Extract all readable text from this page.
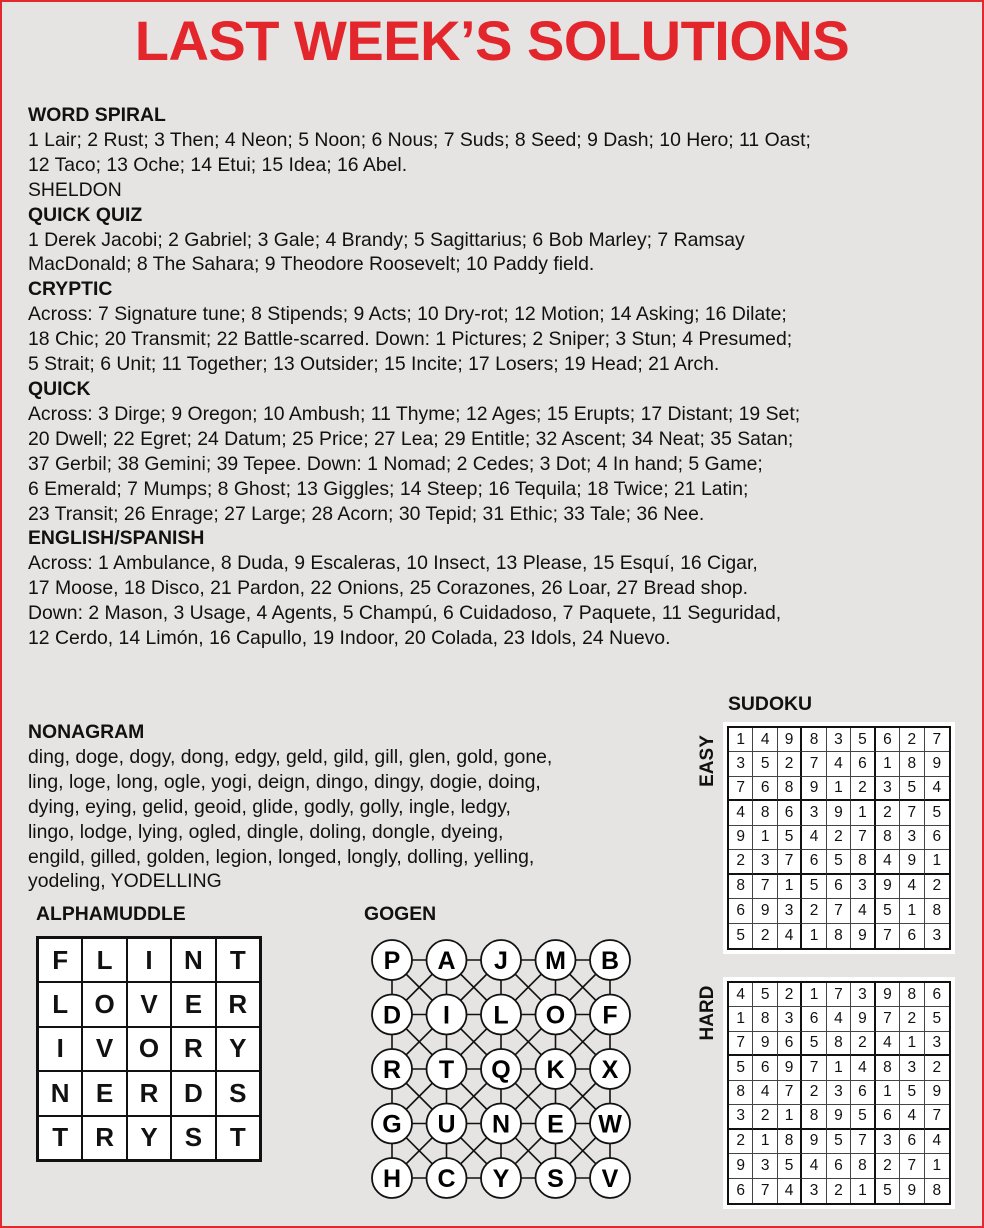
LAST WEEK’S SOLUTIONS
WORD SPIRAL
1 Lair; 2 Rust; 3 Then; 4 Neon; 5 Noon; 6 Nous; 7 Suds; 8 Seed; 9 Dash; 10 Hero; 11 Oast;
12 Taco; 13 Oche; 14 Etui; 15 Idea; 16 Abel.
SHELDON
QUICK QUIZ
1 Derek Jacobi; 2 Gabriel; 3 Gale; 4 Brandy; 5 Sagittarius; 6 Bob Marley; 7 Ramsay
MacDonald; 8 The Sahara; 9 Theodore Roosevelt; 10 Paddy field.
CRYPTIC
Across: 7 Signature tune; 8 Stipends; 9 Acts; 10 Dry-rot; 12 Motion; 14 Asking; 16 Dilate;
18 Chic; 20 Transmit; 22 Battle-scarred. Down: 1 Pictures; 2 Sniper; 3 Stun; 4 Presumed;
5 Strait; 6 Unit; 11 Together; 13 Outsider; 15 Incite; 17 Losers; 19 Head; 21 Arch.
QUICK
Across: 3 Dirge; 9 Oregon; 10 Ambush; 11 Thyme; 12 Ages; 15 Erupts; 17 Distant; 19 Set;
20 Dwell; 22 Egret; 24 Datum; 25 Price; 27 Lea; 29 Entitle; 32 Ascent; 34 Neat; 35 Satan;
37 Gerbil; 38 Gemini; 39 Tepee. Down: 1 Nomad; 2 Cedes; 3 Dot; 4 In hand; 5 Game;
6 Emerald; 7 Mumps; 8 Ghost; 13 Giggles; 14 Steep; 16 Tequila; 18 Twice; 21 Latin;
23 Transit; 26 Enrage; 27 Large; 28 Acorn; 30 Tepid; 31 Ethic; 33 Tale; 36 Nee.
ENGLISH/SPANISH
Across: 1 Ambulance, 8 Duda, 9 Escaleras, 10 Insect, 13 Please, 15 Esquí, 16 Cigar,
17 Moose, 18 Disco, 21 Pardon, 22 Onions, 25 Corazones, 26 Loar, 27 Bread shop.
Down: 2 Mason, 3 Usage, 4 Agents, 5 Champú, 6 Cuidadoso, 7 Paquete, 11 Seguridad,
12 Cerdo, 14 Limón, 16 Capullo, 19 Indoor, 20 Colada, 23 Idols, 24 Nuevo.
NONAGRAM
ding, doge, dogy, dong, edgy, geld, gild, gill, glen, gold, gone,
ling, loge, long, ogle, yogi, deign, dingo, dingy, dogie, doing,
dying, eying, gelid, geoid, glide, godly, golly, ingle, ledgy,
lingo, lodge, lying, ogled, dingle, doling, dongle, dyeing,
engild, gilled, golden, legion, longed, longly, dolling, yelling,
yodeling, YODELLING
ALPHAMUDDLE
F	L	I	N	T
L	O V	E	R
I	V O R	Y
N	E	R D	S
T	R	Y	S	T
GOGEN
P A J M B
D I L O F
R T Q K X
G U N E W
H C Y S V
SUDOKU
EASY	1	4 9	8	3 5	6	2	7
3	5 2	7	4 6	1	8	9
7	6 8	9	1 2	3	5	4
4	8 6	3	9 1	2	7	5
9	1 5	4	2 7	8	3	6
2	3 7	6	5 8	4	9	1
8	7 1	5	6 3	9	4	2
6	9 3	2	7 4	5	1	8
5	2 4	1	8 9	7	6	3
HARD	4	5 2	1	7 3	9	8	6
1	8 3	6	4 9	7	2	5
7	9 6	5	8 2	4	1	3
5	6 9	7	1 4	8	3	2
8	4 7	2	3 6	1	5	9
3	2 1	8	9 5	6	4	7
2	1 8	9	5 7	3	6	4
9	3 5	4	6 8	2	7	1
6	7 4	3	2 1	5	9	8
